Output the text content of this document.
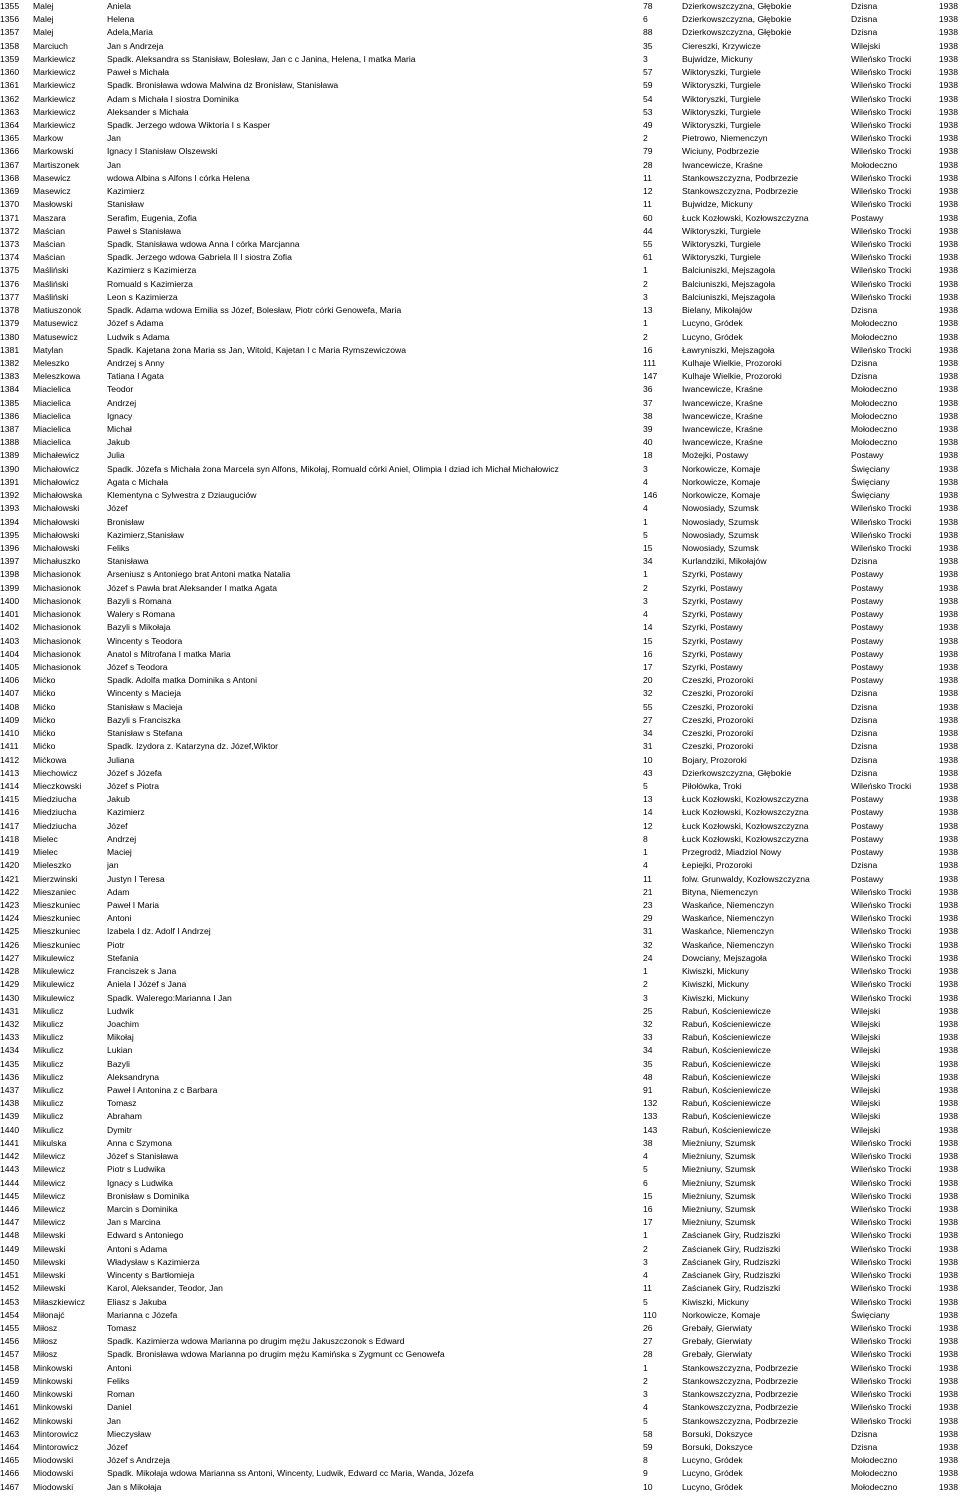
1355	Malej	Aniela	78	Dzierkowszczyzna, Głębokie	Dzisna	1938
1356	Malej	Helena	6	Dzierkowszczyzna, Głębokie	Dzisna	1938
1357	Malej	Adela,Maria	88	Dzierkowszczyzna, Głębokie	Dzisna	1938
1358	Marciuch	Jan s Andrzeja	35	Ciereszki, Krzywicze	Wilejski	1938
1359	Markiewicz	Spadk. Aleksandra ss Stanisław, Bolesław, Jan c c Janina, Helena, I matka Maria	3	Bujwidze, Mickuny	Wileńsko Trocki	1938
1360	Markiewicz	Paweł s Michała	57	Wiktoryszki, Turgiele	Wileńsko Trocki	1938
1361	Markiewicz	Spadk. Bronisława wdowa Malwina dz Bronisław, Stanisława	59	Wiktoryszki, Turgiele	Wileńsko Trocki	1938
1362	Markiewicz	Adam s Michała I siostra Dominika	54	Wiktoryszki, Turgiele	Wileńsko Trocki	1938
1363	Markiewicz	Aleksander s Michała	53	Wiktoryszki, Turgiele	Wileńsko Trocki	1938
1364	Markiewicz	Spadk. Jerzego wdowa Wiktoria I s Kasper	49	Wiktoryszki, Turgiele	Wileńsko Trocki	1938
1365	Markow	Jan	2	Pietrowo, Niemenczyn	Wileńsko Trocki	1938
1366	Markowski	Ignacy I Stanisław Olszewski	79	Wiciuny, Podbrzezie	Wileńsko Trocki	1938
1367	Martiszonek	Jan	28	Iwancewicze, Kraśne	Mołodeczno	1938
1368	Masewicz	wdowa Albina s Alfons I córka Helena	11	Stankowszczyzna, Podbrzezie	Wileńsko Trocki	1938
1369	Masewicz	Kazimierz	12	Stankowszczyzna, Podbrzezie	Wileńsko Trocki	1938
1370	Masłowski	Stanisław	11	Bujwidze, Mickuny	Wileńsko Trocki	1938
1371	Maszara	Serafim, Eugenia, Zofia	60	Łuck Kozłowski, Kozłowszczyzna	Postawy	1938
1372	Maścian	Paweł s Stanisława	44	Wiktoryszki, Turgiele	Wileńsko Trocki	1938
1373	Maścian	Spadk. Stanisława wdowa Anna I córka Marcjanna	55	Wiktoryszki, Turgiele	Wileńsko Trocki	1938
1374	Maścian	Spadk. Jerzego wdowa Gabriela II I siostra Zofia	61	Wiktoryszki, Turgiele	Wileńsko Trocki	1938
1375	Maśliński	Kazimierz s Kazimierza	1	Balciuniszki, Mejszagoła	Wileńsko Trocki	1938
1376	Maśliński	Romuald s Kazimierza	2	Balciuniszki, Mejszagoła	Wileńsko Trocki	1938
1377	Maśliński	Leon s Kazimierza	3	Balciuniszki, Mejszagoła	Wileńsko Trocki	1938
1378	Matiuszonok	Spadk. Adama wdowa Emilia ss Józef, Bolesław, Piotr córki Genowefa, Maria	13	Bielany, Mikołajów	Dzisna	1938
1379	Matusewicz	Józef s Adama	1	Lucyno, Gródek	Mołodeczno	1938
1380	Matusewicz	Ludwik s Adama	2	Lucyno, Gródek	Mołodeczno	1938
1381	Matylan	Spadk. Kajetana żona Maria ss Jan, Witold, Kajetan I c Maria Rymszewiczowa	16	Ławryniszki, Mejszagoła	Wileńsko Trocki	1938
1382	Meleszko	Andrzej s Anny	111	Kulhaje Wielkie, Prozoroki	Dzisna	1938
1383	Meleszkowa	Tatiana I Agata	147	Kulhaje Wielkie, Prozoroki	Dzisna	1938
1384	Miacielica	Teodor	36	Iwancewicze, Kraśne	Mołodeczno	1938
1385	Miacielica	Andrzej	37	Iwancewicze, Kraśne	Mołodeczno	1938
1386	Miacielica	Ignacy	38	Iwancewicze, Kraśne	Mołodeczno	1938
1387	Miacielica	Michał	39	Iwancewicze, Kraśne	Mołodeczno	1938
1388	Miacielica	Jakub	40	Iwancewicze, Kraśne	Mołodeczno	1938
1389	Michałewicz	Julia	18	Możejki, Postawy	Postawy	1938
1390	Michałowicz	Spadk. Józefa s Michała żona Marcela syn Alfons, Mikołaj, Romuald córki Aniel, Olimpia I dziad ich Michał Michałowicz	3	Norkowicze, Komaje	Święciany	1938
1391	Michałowicz	Agata c Michała	4	Norkowicze, Komaje	Święciany	1938
1392	Michałowska	Klementyna c Sylwestra z Dziauguciów	146	Norkowicze, Komaje	Święciany	1938
1393	Michałowski	Józef	4	Nowosiady, Szumsk	Wileńsko Trocki	1938
1394	Michałowski	Bronisław	1	Nowosiady, Szumsk	Wileńsko Trocki	1938
1395	Michałowski	Kazimierz,Stanisław	5	Nowosiady, Szumsk	Wileńsko Trocki	1938
1396	Michałowski	Feliks	15	Nowosiady, Szumsk	Wileńsko Trocki	1938
1397	Michałuszko	Stanisława	34	Kurlandziki, Mikołajów	Dzisna	1938
1398	Michasionok	Arseniusz s Antoniego brat Antoni matka Natalia	1	Szyrki, Postawy	Postawy	1938
1399	Michasionok	Józef s Pawła brat Aleksander I matka Agata	2	Szyrki, Postawy	Postawy	1938
1400	Michasionok	Bazyli s Romana	3	Szyrki, Postawy	Postawy	1938
1401	Michasionok	Walery s Romana	4	Szyrki, Postawy	Postawy	1938
1402	Michasionok	Bazyli s Mikołaja	14	Szyrki, Postawy	Postawy	1938
1403	Michasionok	Wincenty s Teodora	15	Szyrki, Postawy	Postawy	1938
1404	Michasionok	Anatol s Mitrofana I matka Maria	16	Szyrki, Postawy	Postawy	1938
1405	Michasionok	Józef s Teodora	17	Szyrki, Postawy	Postawy	1938
1406	Mićko	Spadk. Adolfa matka Dominika s Antoni	20	Czeszki, Prozoroki	Postawy	1938
1407	Mićko	Wincenty s Macieja	32	Czeszki, Prozoroki	Dzisna	1938
1408	Mićko	Stanisław s Macieja	55	Czeszki, Prozoroki	Dzisna	1938
1409	Mićko	Bazyli s Franciszka	27	Czeszki, Prozoroki	Dzisna	1938
1410	Mićko	Stanisław s Stefana	34	Czeszki, Prozoroki	Dzisna	1938
1411	Mićko	Spadk. Izydora z. Katarzyna dz. Józef,Wiktor	31	Czeszki, Prozoroki	Dzisna	1938
1412	Mićkowa	Juliana	10	Bojary, Prozoroki	Dzisna	1938
1413	Miechowicz	Józef s Józefa	43	Dzierkowszczyzna, Głębokie	Dzisna	1938
1414	Mieczkowski	Józef s Piotra	5	Piłołówka, Troki	Wileńsko Trocki	1938
1415	Miedziucha	Jakub	13	Łuck Kozłowski, Kozłowszczyzna	Postawy	1938
1416	Miedziucha	Kazimierz	14	Łuck Kozłowski, Kozłowszczyzna	Postawy	1938
1417	Miedziucha	Józef	12	Łuck Kozłowski, Kozłowszczyzna	Postawy	1938
1418	Mielec	Andrzej	8	Łuck Kozłowski, Kozłowszczyzna	Postawy	1938
1419	Mielec	Maciej	1	Przegrodź, Miadziol Nowy	Postawy	1938
1420	Mieleszko	jan	4	Łepiejki, Prozoroki	Dzisna	1938
1421	Mierzwinski	Justyn I Teresa	11	folw. Grunwaldy, Kozłowszczyzna	Postawy	1938
1422	Mieszaniec	Adam	21	Bityna, Niemenczyn	Wileńsko Trocki	1938
1423	Mieszkuniec	Paweł I Maria	23	Waskańce, Niemenczyn	Wileńsko Trocki	1938
1424	Mieszkuniec	Antoni	29	Waskańce, Niemenczyn	Wileńsko Trocki	1938
1425	Mieszkuniec	Izabela I dz. Adolf I Andrzej	31	Waskańce, Niemenczyn	Wileńsko Trocki	1938
1426	Mieszkuniec	Piotr	32	Waskańce, Niemenczyn	Wileńsko Trocki	1938
1427	Mikulewicz	Stefania	24	Dowciany, Mejszagoła	Wileńsko Trocki	1938
1428	Mikulewicz	Franciszek s Jana	1	Kiwiszki, Mickuny	Wileńsko Trocki	1938
1429	Mikulewicz	Aniela I Józef s Jana	2	Kiwiszki, Mickuny	Wileńsko Trocki	1938
1430	Mikulewicz	Spadk. Walerego:Marianna I Jan	3	Kiwiszki, Mickuny	Wileńsko Trocki	1938
1431	Mikulicz	Ludwik	25	Rabuń, Kościeniewicze	Wilejski	1938
1432	Mikulicz	Joachim	32	Rabuń, Kościeniewicze	Wilejski	1938
1433	Mikulicz	Mikołaj	33	Rabuń, Kościeniewicze	Wilejski	1938
1434	Mikulicz	Lukian	34	Rabuń, Kościeniewicze	Wilejski	1938
1435	Mikulicz	Bazyli	35	Rabuń, Kościeniewicze	Wilejski	1938
1436	Mikulicz	Aleksandryna	48	Rabuń, Kościeniewicze	Wilejski	1938
1437	Mikulicz	Paweł I Antonina z c Barbara	91	Rabuń, Kościeniewicze	Wilejski	1938
1438	Mikulicz	Tomasz	132	Rabuń, Kościeniewicze	Wilejski	1938
1439	Mikulicz	Abraham	133	Rabuń, Kościeniewicze	Wilejski	1938
1440	Mikulicz	Dymitr	143	Rabuń, Kościeniewicze	Wilejski	1938
1441	Mikulska	Anna c Szymona	38	Mieżniuny, Szumsk	Wileńsko Trocki	1938
1442	Milewicz	Józef s Stanisława	4	Mieżniuny, Szumsk	Wileńsko Trocki	1938
1443	Milewicz	Piotr s Ludwika	5	Mieżniuny, Szumsk	Wileńsko Trocki	1938
1444	Milewicz	Ignacy s Ludwika	6	Mieżniuny, Szumsk	Wileńsko Trocki	1938
1445	Milewicz	Bronisław s Dominika	15	Mieżniuny, Szumsk	Wileńsko Trocki	1938
1446	Milewicz	Marcin s Dominika	16	Mieżniuny, Szumsk	Wileńsko Trocki	1938
1447	Milewicz	Jan s Marcina	17	Mieżniuny, Szumsk	Wileńsko Trocki	1938
1448	Milewski	Edward s Antoniego	1	Zaścianek Giry, Rudziszki	Wileńsko Trocki	1938
1449	Milewski	Antoni s Adama	2	Zaścianek Giry, Rudziszki	Wileńsko Trocki	1938
1450	Milewski	Władysław s Kazimierza	3	Zaścianek Giry, Rudziszki	Wileńsko Trocki	1938
1451	Milewski	Wincenty s Bartłomieja	4	Zaścianek Giry, Rudziszki	Wileńsko Trocki	1938
1452	Milewski	Karol, Aleksander, Teodor, Jan	11	Zaścianek Giry, Rudziszki	Wileńsko Trocki	1938
1453	Miłaszkiewicz	Eliasz s Jakuba	5	Kiwiszki, Mickuny	Wileńsko Trocki	1938
1454	Miłonajć	Marianna c Józefa	110	Norkowicze, Komaje	Święciany	1938
1455	Miłosz	Tomasz	26	Grebały, Gierwiaty	Wileńsko Trocki	1938
1456	Miłosz	Spadk. Kazimierza wdowa Marianna po drugim mężu Jakuszczonok s Edward	27	Grebały, Gierwiaty	Wileńsko Trocki	1938
1457	Miłosz	Spadk. Bronisława wdowa Marianna po drugim mężu Kamińska s Zygmunt cc Genowefa	28	Grebały, Gierwiaty	Wileńsko Trocki	1938
1458	Minkowski	Antoni	1	Stankowszczyzna, Podbrzezie	Wileńsko Trocki	1938
1459	Minkowski	Feliks	2	Stankowszczyzna, Podbrzezie	Wileńsko Trocki	1938
1460	Minkowski	Roman	3	Stankowszczyzna, Podbrzezie	Wileńsko Trocki	1938
1461	Minkowski	Daniel	4	Stankowszczyzna, Podbrzezie	Wileńsko Trocki	1938
1462	Minkowski	Jan	5	Stankowszczyzna, Podbrzezie	Wileńsko Trocki	1938
1463	Mintorowicz	Mieczysław	58	Borsuki, Dokszyce	Dzisna	1938
1464	Mintorowicz	Józef	59	Borsuki, Dokszyce	Dzisna	1938
1465	Miodowski	Józef s Andrzeja	8	Lucyno, Gródek	Mołodeczno	1938
1466	Miodowski	Spadk. Mikołaja wdowa Marianna ss Antoni, Wincenty, Ludwik, Edward cc Maria, Wanda, Józefa	9	Lucyno, Gródek	Mołodeczno	1938
1467	Miodowski	Jan s Mikołaja	10	Lucyno, Gródek	Mołodeczno	1938
